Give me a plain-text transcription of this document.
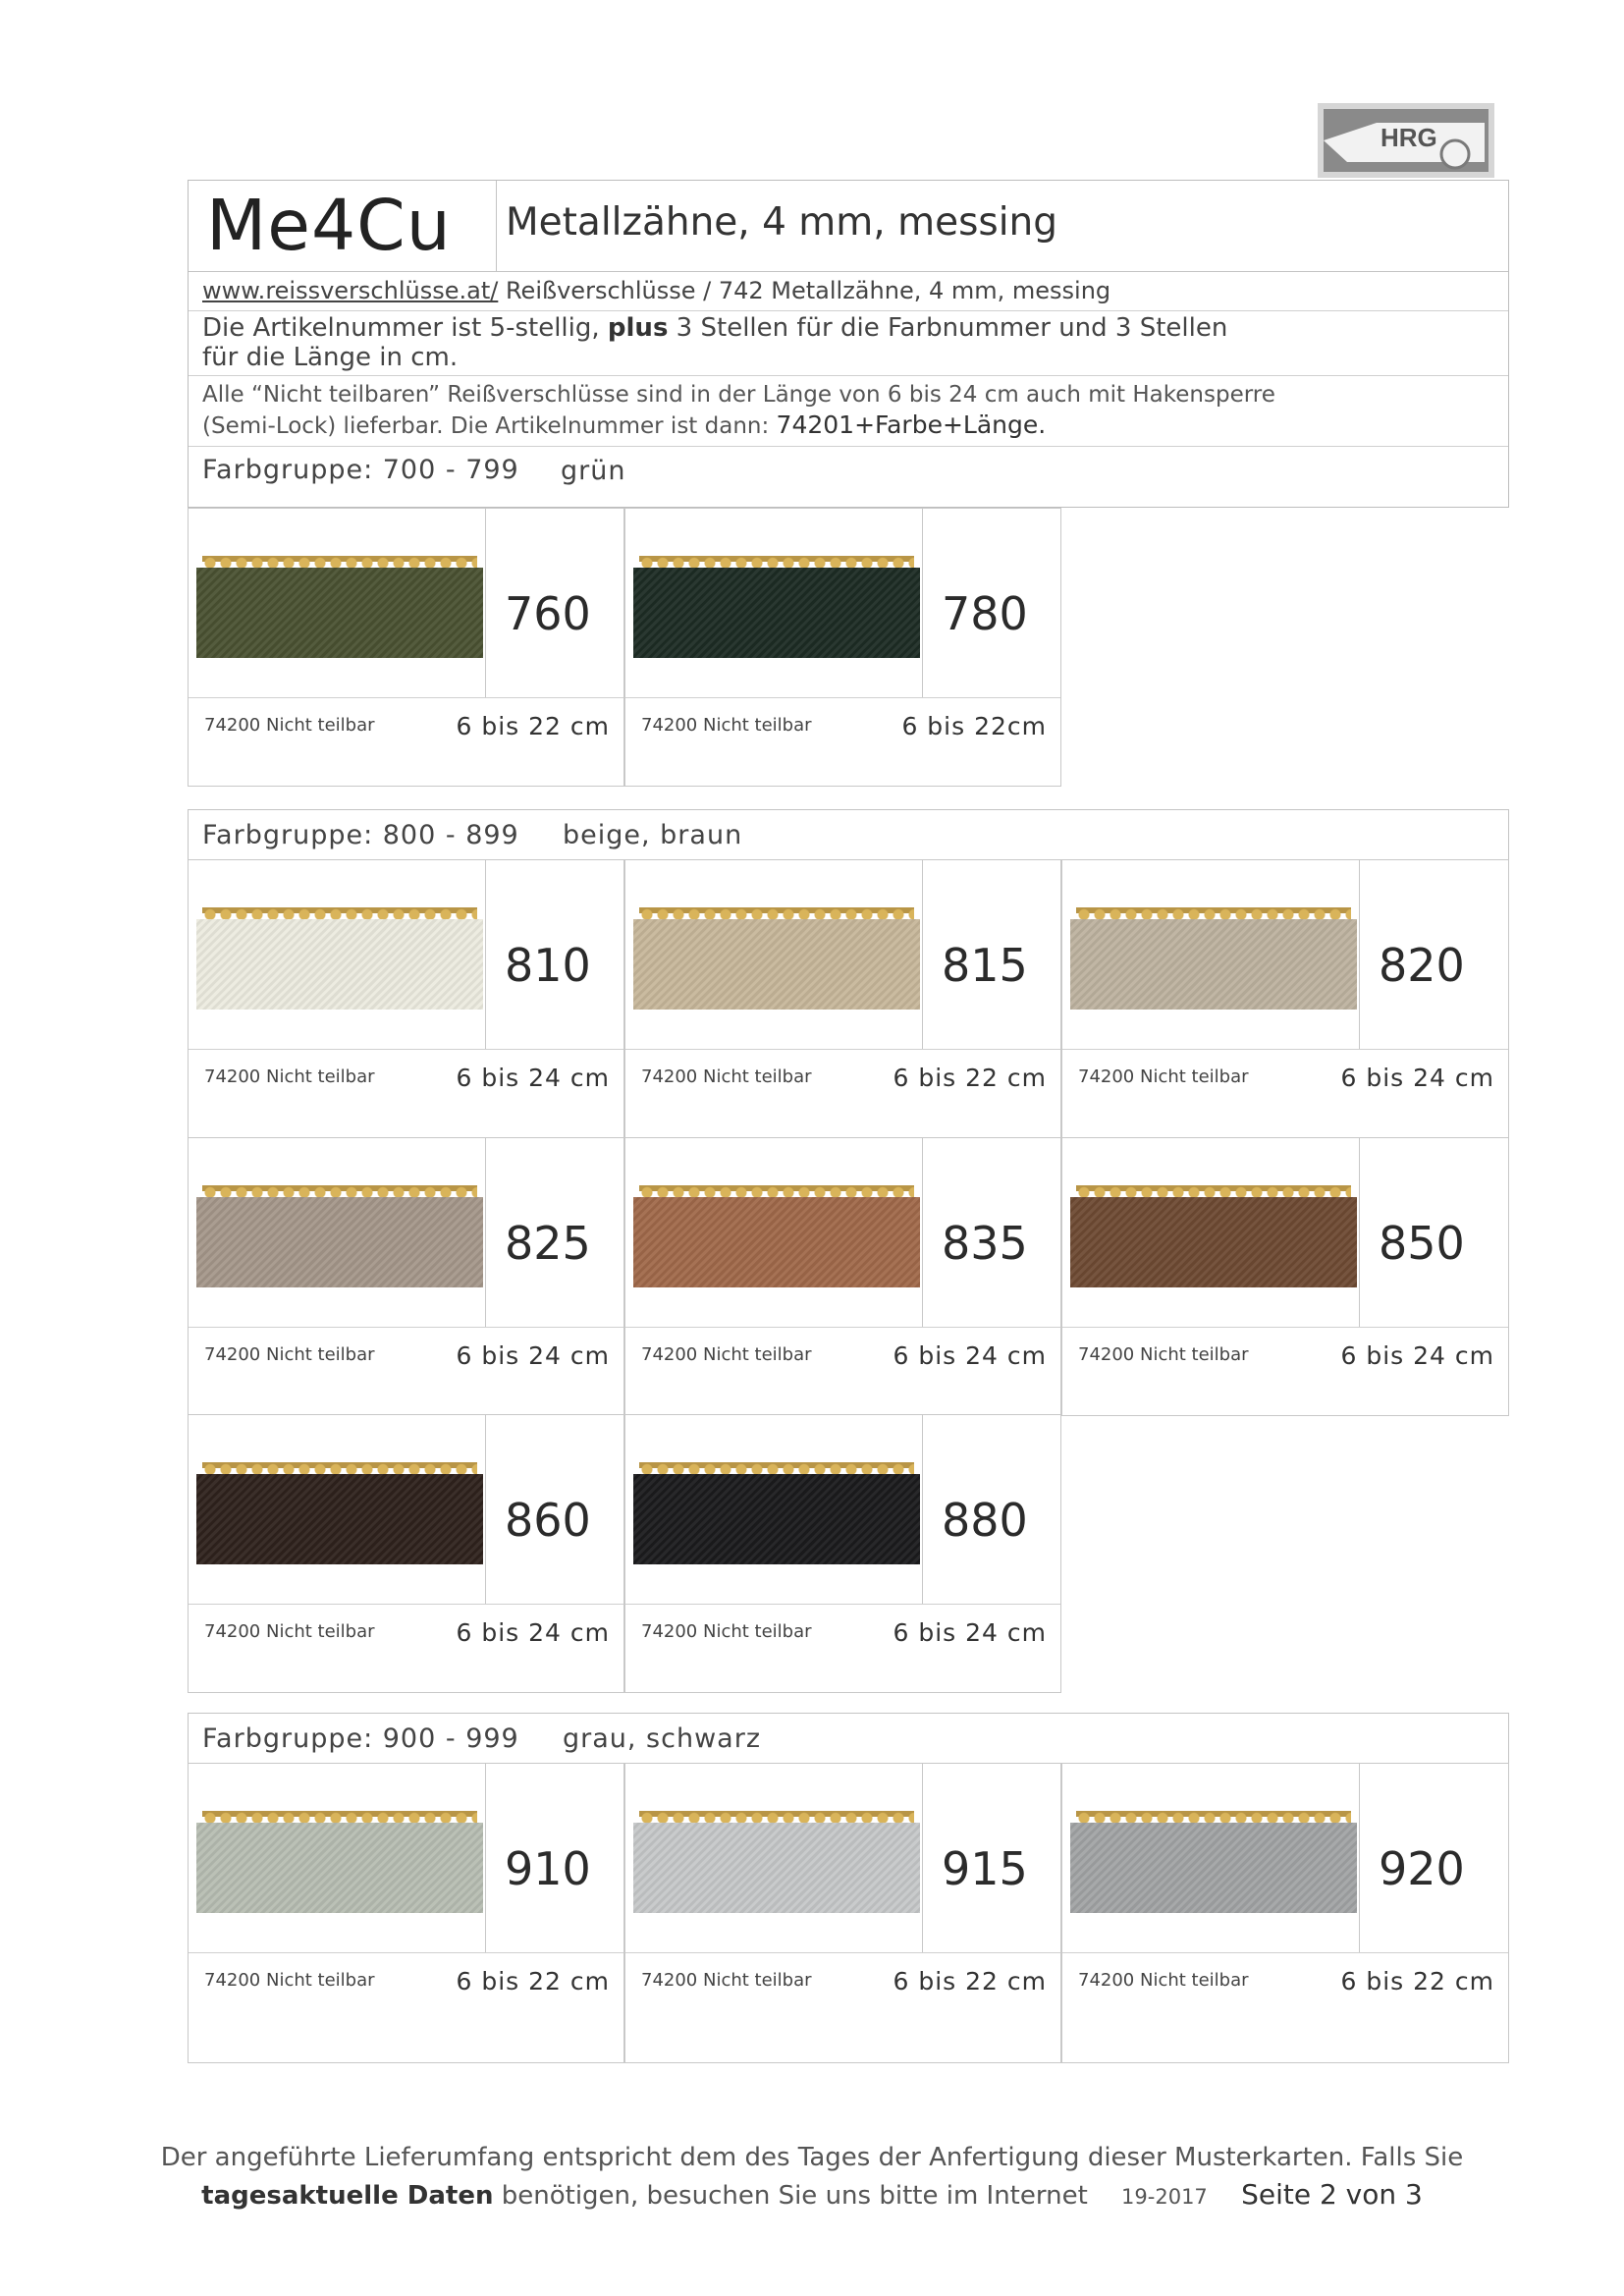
HRG
Me4Cu Metallzähne, 4 mm, messing
www.reissverschlüsse.at/ Reißverschlüsse / 742 Metallzähne, 4 mm, messing
Die Artikelnummer ist 5-stellig, plus 3 Stellen für die Farbnummer und 3 Stellen
für die Länge in cm.
Alle “Nicht teilbaren” Reißverschlüsse sind in der Länge von 6 bis 24 cm auch mit Hakensperre
(Semi-Lock) lieferbar. Die Artikelnummer ist dann: 74201+Farbe+Länge.
Farbgruppe: 700 - 799 grün
760
74200 Nicht teilbar	6 bis 22 cm
780
74200 Nicht teilbar	6 bis 22cm
Farbgruppe: 800 - 899 beige, braun
810
74200 Nicht teilbar	6 bis 24 cm
815
74200 Nicht teilbar	6 bis 22 cm
820
74200 Nicht teilbar	6 bis 24 cm
825
74200 Nicht teilbar	6 bis 24 cm
835
74200 Nicht teilbar	6 bis 24 cm
850
74200 Nicht teilbar	6 bis 24 cm
860
74200 Nicht teilbar	6 bis 24 cm
880
74200 Nicht teilbar	6 bis 24 cm
Farbgruppe: 900 - 999 grau, schwarz
910
74200 Nicht teilbar	6 bis 22 cm
915
74200 Nicht teilbar	6 bis 22 cm
920
74200 Nicht teilbar	6 bis 22 cm
Der angeführte Lieferumfang entspricht dem des Tages der Anfertigung dieser Musterkarten. Falls Sie
tagesaktuelle Daten benötigen, besuchen Sie uns bitte im Internet 19-2017 Seite 2 von 3
